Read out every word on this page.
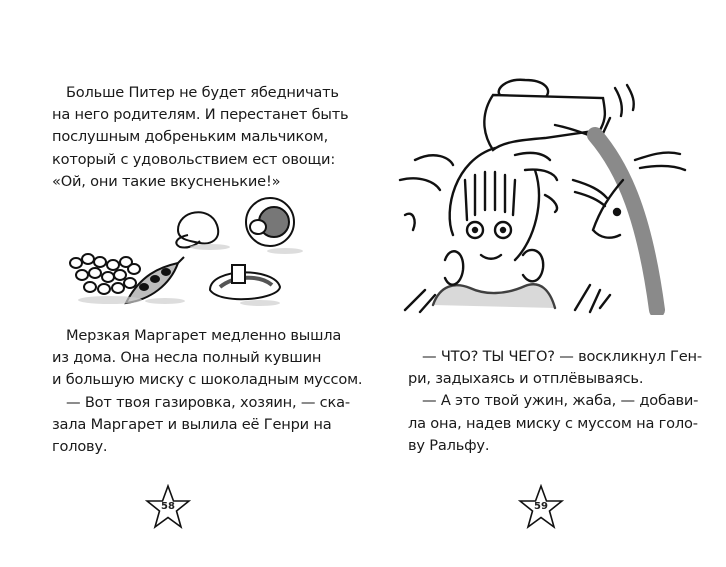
Больше Питер не будет ябедничать

на него родителям. И перестанет быть

послушным добреньким мальчиком,

который с удовольствием ест овощи:

«Ой, они такие вкусненькие!»

Мерзкая Маргарет медленно вышла

из дома. Она несла полный кувшин

и большую миску с шоколадным муссом.

— Вот твоя газировка, хозяин, — ска-

зала Маргарет и вылила её Генри на

голову.

58

— ЧТО? ТЫ ЧЕГО? — воскликнул Ген-

ри, задыхаясь и отплёвываясь.

— А это твой ужин, жаба, — добави-

ла она, надев миску с муссом на голо-

ву Ральфу.

59
